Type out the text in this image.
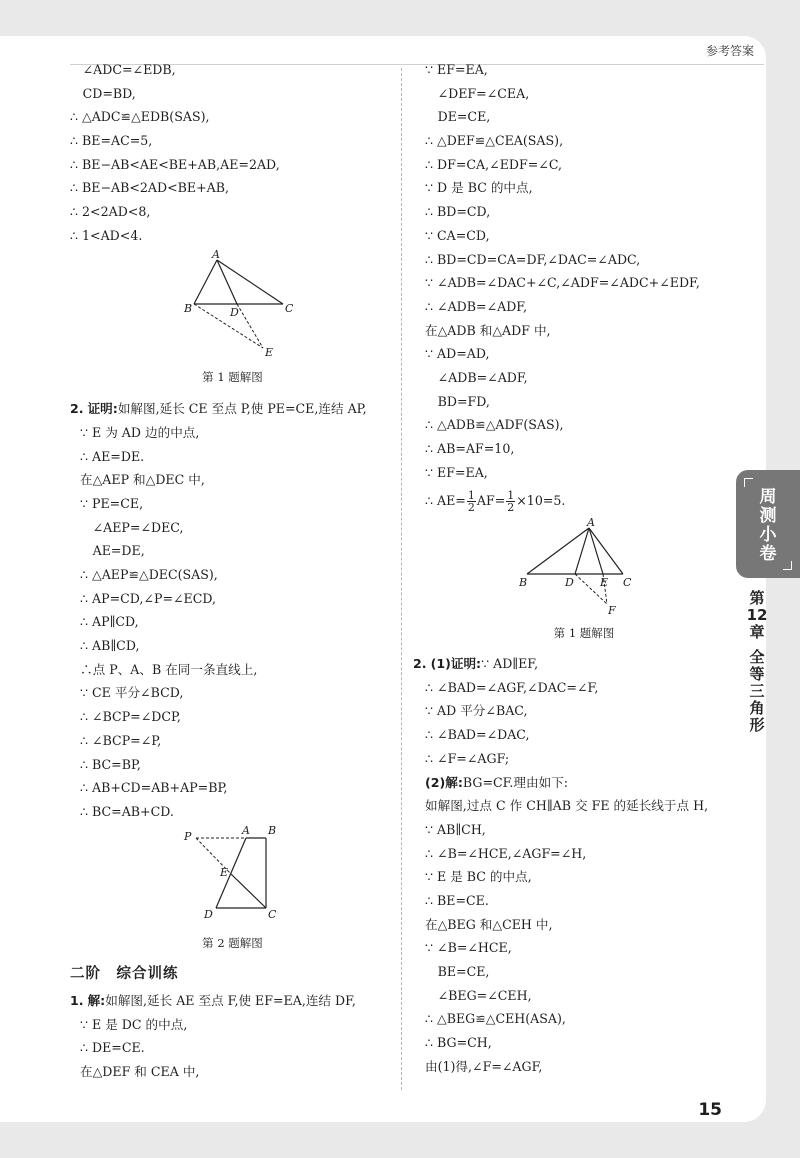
参考答案
　∠ADC=∠EDB,
　CD=BD,
∴ △ADC≌△EDB(SAS),
∴ BE=AC=5,
∴ BE−AB<AE<BE+AB,AE=2AD,
∴ BE−AB<2AD<BE+AB,
∴ 2<2AD<8,
∴ 1<AD<4.
A
B	D	C
E
第 1 题解图
2. 证明:如解图,延长 CE 至点 P,使 PE=CE,连结 AP,
∵ E 为 AD 边的中点,
∴ AE=DE.
在△AEP 和△DEC 中,
∵ PE=CE,
　∠AEP=∠DEC,
　AE=DE,
∴ △AEP≌△DEC(SAS),
∴ AP=CD,∠P=∠ECD,
∴ AP∥CD,
∴ AB∥CD,
∴点 P、A、B 在同一条直线上,
∵ CE 平分∠BCD,
∴ ∠BCP=∠DCP,
∴ ∠BCP=∠P,
∴ BC=BP,
∴ AB+CD=AB+AP=BP,
∴ BC=AB+CD.
P	A B
E
D	C
第 2 题解图
二阶　综合训练
1. 解:如解图,延长 AE 至点 F,使 EF=EA,连结 DF,
∵ E 是 DC 的中点,
∴ DE=CE.
在△DEF 和 CEA 中,
∵ EF=EA,
　∠DEF=∠CEA,
　DE=CE,
∴ △DEF≌△CEA(SAS),
∴ DF=CA,∠EDF=∠C,
∵ D 是 BC 的中点,
∴ BD=CD,
∵ CA=CD,
∴ BD=CD=CA=DF,∠DAC=∠ADC,
∵ ∠ADB=∠DAC+∠C,∠ADF=∠ADC+∠EDF,
∴ ∠ADB=∠ADF,
在△ADB 和△ADF 中,
∵ AD=AD,
　∠ADB=∠ADF,
　BD=FD,
∴ △ADB≌△ADF(SAS),
∴ AB=AF=10,
∵ EF=EA,
∴ $AE= \frac{1}{2} AF= \frac{1}{2} \times 10=5$.
A
B	D E C
F
第 1 题解图
2. (1)证明:∵ AD∥EF,
∴ ∠BAD=∠AGF,∠DAC=∠F,
∵ AD 平分∠BAC,
∴ ∠BAD=∠DAC,
∴ ∠F=∠AGF;
(2)解:BG=CF.理由如下:
如解图,过点 C 作 CH∥AB 交 FE 的延长线于点 H,
∵ AB∥CH,
∴ ∠B=∠HCE,∠AGF=∠H,
∵ E 是 BC 的中点,
∴ BE=CE.
在△BEG 和△CEH 中,
∵ ∠B=∠HCE,
　BE=CE,
　∠BEG=∠CEH,
∴ △BEG≌△CEH(ASA),
∴ BG=CH,
由(1)得,∠F=∠AGF,
周
测
小
卷
第
12
章
全
等
三
角
形
15
